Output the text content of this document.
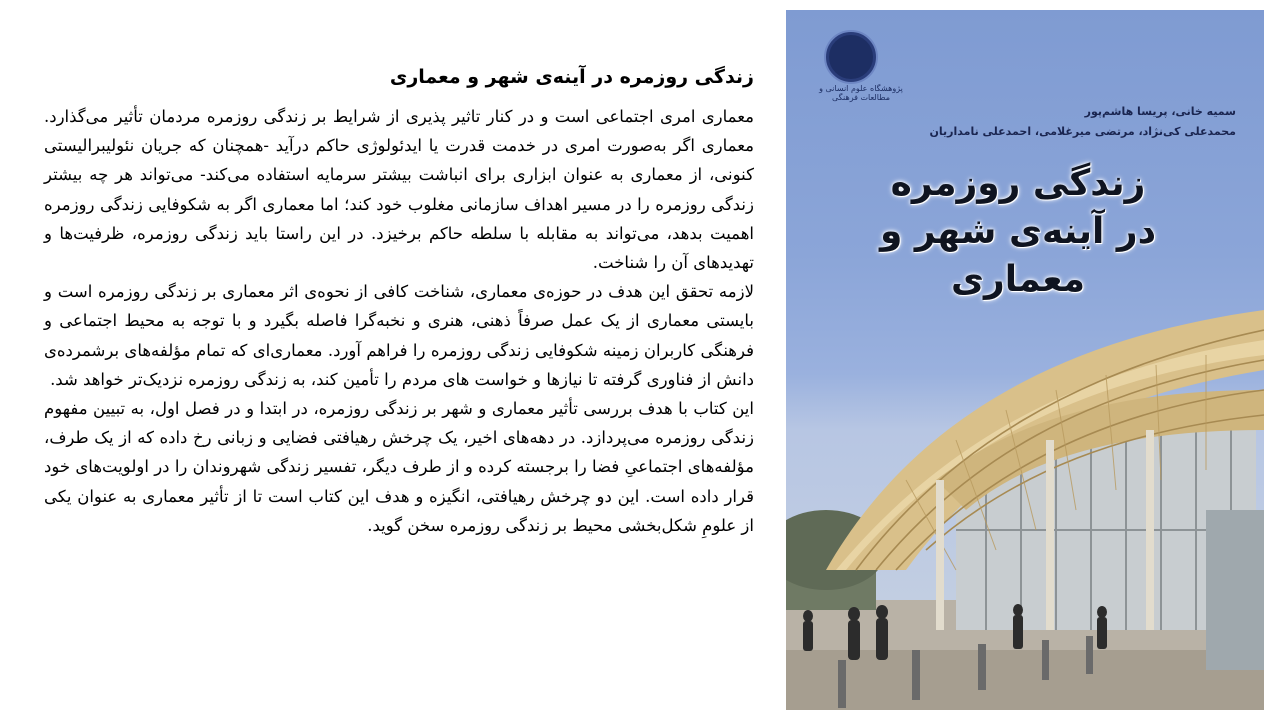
زندگی روزمره در آینه‌ی شهر و معماری

معماری امری اجتماعی است و در کنار تاثیر پذیری از شرایط بر زندگی روزمره مردمان تأثیر می‌گذارد. معماری اگر به‌صورت امری در خدمت قدرت یا ایدئولوژی حاکم درآید -همچنان که جریان نئولیبرالیستی کنونی، از معماری به عنوان ابزاری برای انباشت بیشتر سرمایه استفاده می‌کند- می‌تواند هر چه بیشتر زندگی روزمره را در مسیر اهداف سازمانی مغلوب خود کند؛ اما معماری اگر به شکوفایی زندگی روزمره اهمیت بدهد، می‌تواند به مقابله با سلطه حاکم برخیزد. در این راستا باید زندگی روزمره، ظرفیت‌ها و تهدیدهای آن را شناخت.

لازمه تحقق این هدف در حوزه‌ی معماری، شناخت کافی از نحوه‌ی اثر معماری بر زندگی روزمره است و بایستی معماری از یک عمل صرفاً ذهنی، هنری و نخبه‌گرا فاصله بگیرد و با توجه به محیط اجتماعی و فرهنگی کاربران زمینه شکوفایی زندگی روزمره را فراهم آورد. معماری‌ای که تمام مؤلفه‌های برشمرده‌ی دانش از فناوری گرفته تا نیازها و خواست های مردم را تأمین کند، به زندگی روزمره نزدیک‌تر خواهد شد.

این کتاب با هدف بررسی تأثیر معماری و شهر بر زندگی روزمره، در ابتدا و در فصل اول، به تبیین مفهوم زندگی روزمره می‌پردازد. در دهه‌های اخیر، یک چرخش رهیافتی فضایی و زبانی رخ داده که از یک طرف، مؤلفه‌های اجتماعیِ فضا را برجسته کرده و از طرف دیگر، تفسیر زندگی شهروندان را در اولویت‌های خود قرار داده است. این دو چرخش رهیافتی، انگیزه و هدف این کتاب است تا از تأثیر معماری به عنوان یکی از علومِ شکل‌بخشی محیط بر زندگی روزمره سخن گوید.

پژوهشگاه علوم انسانی و مطالعات فرهنگی
سمیه خانی، پریسا هاشم‌پور
محمدعلی کی‌نژاد، مرتضی میرغلامی، احمدعلی نامداریان
زندگی روزمره
در آینه‌ی شهر و معماری
